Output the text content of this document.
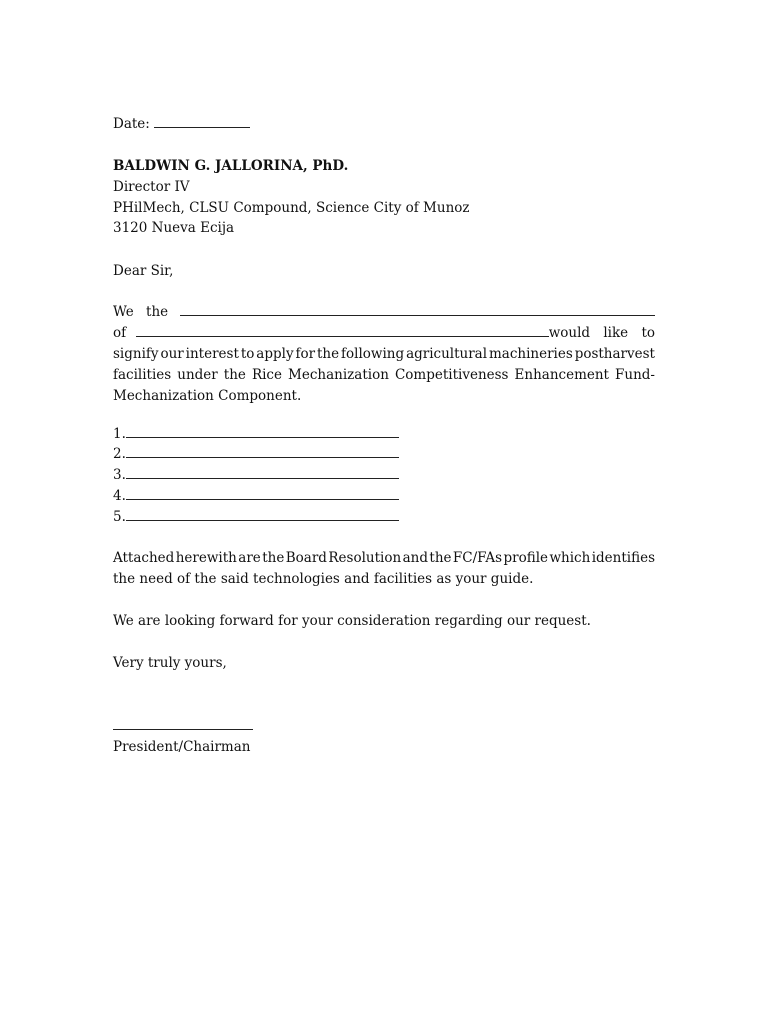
Date:
BALDWIN G. JALLORINA, PhD.
Director IV
PHilMech, CLSU Compound, Science City of Munoz
3120 Nueva Ecija
Dear Sir,
We the
of	would like to
signify our interest to apply for the following agricultural machineries postharvest
facilities under the Rice Mechanization Competitiveness Enhancement Fund-
Mechanization Component.
1.
2.
3.
4.
5.
Attached herewith are the Board Resolution and the FC/FAs profile which identifies
the need of the said technologies and facilities as your guide.
We are looking forward for your consideration regarding our request.
Very truly yours,
President/Chairman
